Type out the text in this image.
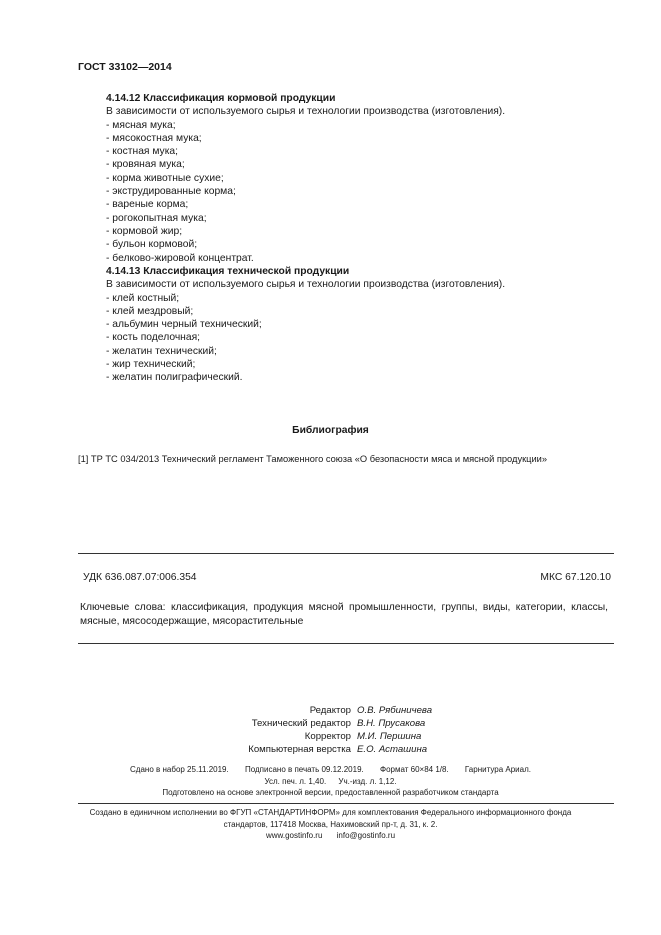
ГОСТ 33102—2014
4.14.12 Классификация кормовой продукции
В зависимости от используемого сырья и технологии производства (изготовления).
- мясная мука;
- мясокостная мука;
- костная мука;
- кровяная мука;
- корма животные сухие;
- экструдированные корма;
- вареные корма;
- рогокопытная мука;
- кормовой жир;
- бульон кормовой;
- белково-жировой концентрат.
4.14.13 Классификация технической продукции
В зависимости от используемого сырья и технологии производства (изготовления).
- клей костный;
- клей мездровый;
- альбумин черный технический;
- кость поделочная;
- желатин технический;
- жир технический;
- желатин полиграфический.
Библиография
[1] ТР ТС 034/2013 Технический регламент Таможенного союза «О безопасности мяса и мясной продукции»
УДК 636.087.07:006.354	МКС 67.120.10
Ключевые слова: классификация, продукция мясной промышленности, группы, виды, категории, классы, мясные, мясосодержащие, мясорастительные
Редактор О.В. Рябиничева
Технический редактор В.Н. Прусакова
Корректор М.И. Першина
Компьютерная верстка Е.О. Асташина
Сдано в набор 25.11.2019. Подписано в печать 09.12.2019. Формат 60×84 1/8. Гарнитура Ариал.
Усл. печ. л. 1,40. Уч.-изд. л. 1,12.
Подготовлено на основе электронной версии, предоставленной разработчиком стандарта
Создано в единичном исполнении во ФГУП «СТАНДАРТИНФОРМ» для комплектования Федерального информационного фонда
стандартов, 117418 Москва, Нахимовский пр-т, д. 31, к. 2.
www.gostinfo.ru info@gostinfo.ru
